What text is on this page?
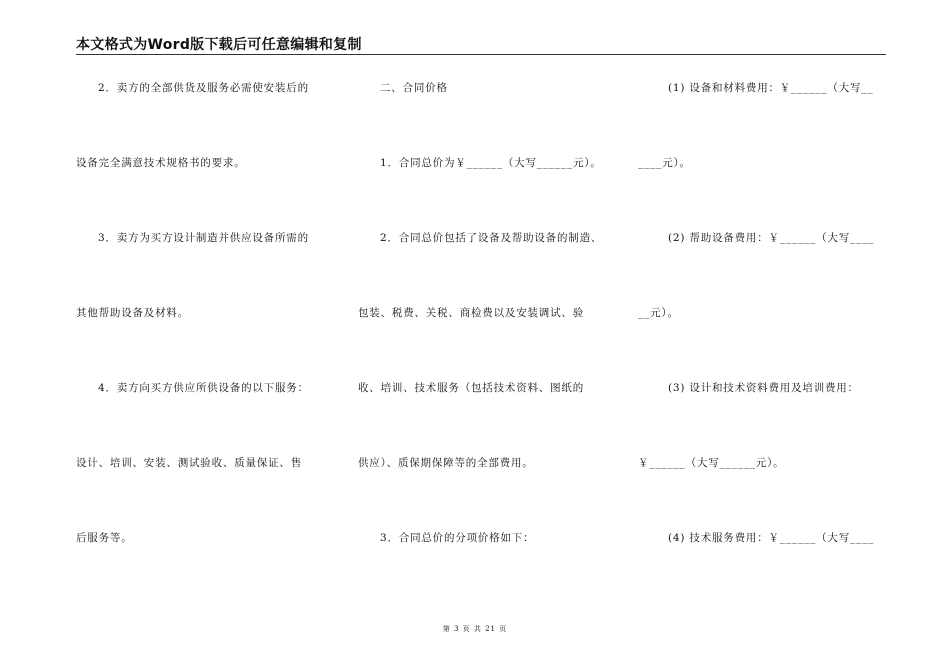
本文格式为Word版下载后可任意编辑和复制
2．卖方的全部供货及服务必需使安装后的
设备完全满意技术规格书的要求。
3．卖方为买方设计制造并供应设备所需的
其他帮助设备及材料。
4．卖方向买方供应所供设备的以下服务：
设计、培训、安装、测试验收、质量保证、售
后服务等。
二、合同价格
1．合同总价为￥______（大写______元）。
2．合同总价包括了设备及帮助设备的制造、
包装、税费、关税、商检费以及安装调试、验
收、培训、技术服务（包括技术资料、图纸的
供应）、质保期保障等的全部费用。
3．合同总价的分项价格如下：
(1) 设备和材料费用：￥______（大写__
____元）。
(2) 帮助设备费用：￥______（大写____
__元）。
(3) 设计和技术资料费用及培训费用：
￥______（大写______元）。
(4) 技术服务费用：￥______（大写____
第 3 页 共 21 页
